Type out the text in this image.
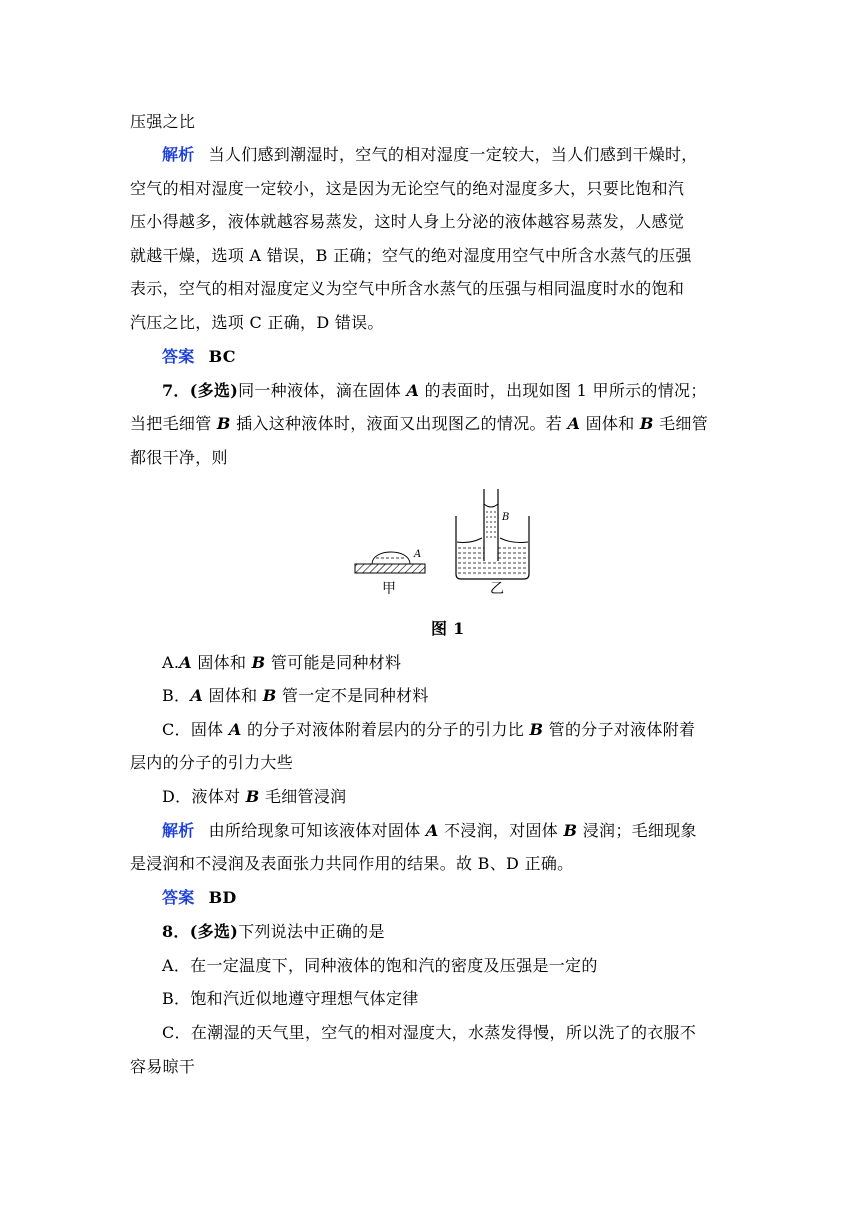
压强之比
解析 当人们感到潮湿时，空气的相对湿度一定较大，当人们感到干燥时，
空气的相对湿度一定较小，这是因为无论空气的绝对湿度多大，只要比饱和汽
压小得越多，液体就越容易蒸发，这时人身上分泌的液体越容易蒸发，人感觉
就越干燥，选项 A 错误，B 正确；空气的绝对湿度用空气中所含水蒸气的压强
表示，空气的相对湿度定义为空气中所含水蒸气的压强与相同温度时水的饱和
汽压之比，选项 C 正确，D 错误。
答案 BC
7．(多选)同一种液体，滴在固体 A 的表面时，出现如图 1 甲所示的情况；
当把毛细管 B 插入这种液体时，液面又出现图乙的情况。若 A 固体和 B 毛细管
都很干净，则
A
B
甲	乙
图 1
A.A 固体和 B 管可能是同种材料
B．A 固体和 B 管一定不是同种材料
C．固体 A 的分子对液体附着层内的分子的引力比 B 管的分子对液体附着
层内的分子的引力大些
D．液体对 B 毛细管浸润
解析 由所给现象可知该液体对固体 A 不浸润，对固体 B 浸润；毛细现象
是浸润和不浸润及表面张力共同作用的结果。故 B、D 正确。
答案 BD
8．(多选)下列说法中正确的是
A．在一定温度下，同种液体的饱和汽的密度及压强是一定的
B．饱和汽近似地遵守理想气体定律
C．在潮湿的天气里，空气的相对湿度大，水蒸发得慢，所以洗了的衣服不
容易晾干
